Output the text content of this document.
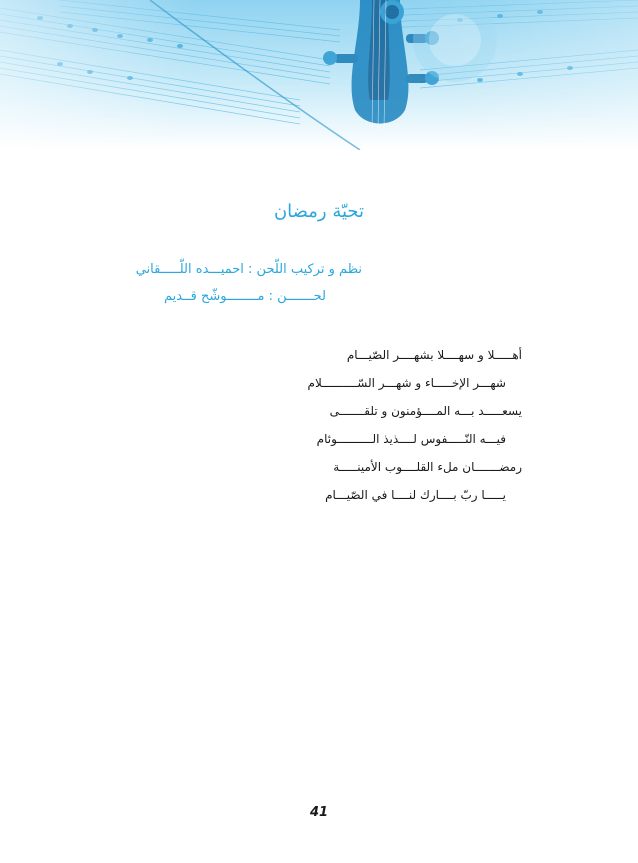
تحيّة رمضان
نظم و تركيب اللّحن : احميـــده اللّـــــقاني
لحـــــــن : مــــــــوشّح قــديم
أهـــــلا و سهــــلا بشهــــر الصّيـــام
شهـــر الإخـــــاء و شهـــر السّــــــــــلام
يسعـــــد بـــه المــــؤمنون و تلقـــــــى
فيـــه النّـــــفوس لــــذيذ الــــــــــوئام
رمضـــــــان ملء القلــــوب الأمينـــــة
يـــــا ربّ بــــارك لنــــا في الصّيـــام
41
